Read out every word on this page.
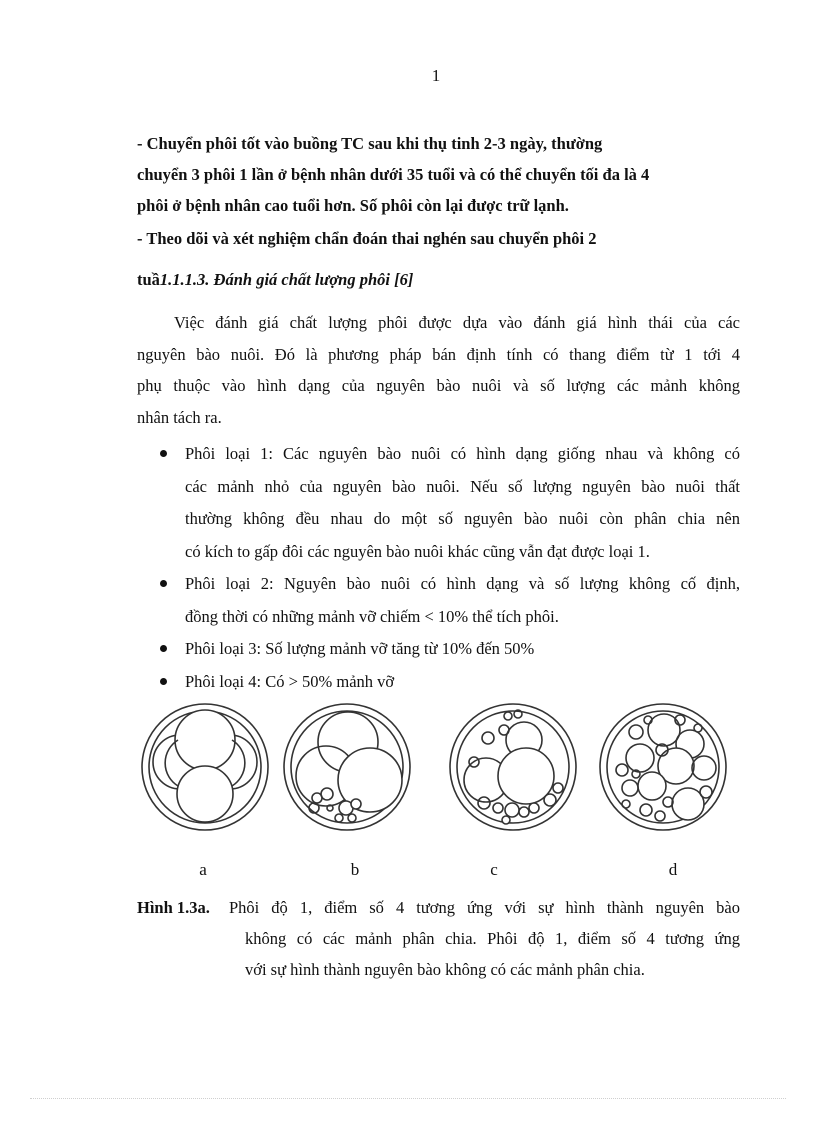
1
- Chuyển phôi tốt vào buồng TC sau khi thụ tinh 2-3 ngày, thường
chuyển 3 phôi 1 lần ở bệnh nhân dưới 35 tuổi và có thể chuyển tối đa là 4
phôi ở bệnh nhân cao tuổi hơn. Số phôi còn lại được trữ lạnh.
- Theo dõi và xét nghiệm chẩn đoán thai nghén sau chuyển phôi 2
tuầ1.1.1.3. Đánh giá chất lượng phôi [6]
Việc đánh giá chất lượng phôi được dựa vào đánh giá hình thái của các
nguyên bào nuôi. Đó là phương pháp bán định tính có thang điểm từ 1 tới 4
phụ thuộc vào hình dạng của nguyên bào nuôi và số lượng các mảnh không
nhân tách ra.
Phôi loại 1: Các nguyên bào nuôi có hình dạng giống nhau và không có
các mảnh nhỏ của nguyên bào nuôi. Nếu số lượng nguyên bào nuôi thất
thường không đều nhau do một số nguyên bào nuôi còn phân chia nên
có kích to gấp đôi các nguyên bào nuôi khác cũng vẫn đạt được loại 1.
Phôi loại 2: Nguyên bào nuôi có hình dạng và số lượng không cố định,
đồng thời có những mảnh vỡ chiếm < 10% thể tích phôi.
Phôi loại 3: Số lượng mảnh vỡ tăng từ 10% đến 50%
Phôi loại 4: Có > 50% mảnh vỡ
a	b	c	d
Hình 1.3a. Phôi độ 1, điểm số 4 tương ứng với sự hình thành nguyên bào
không có các mảnh phân chia. Phôi độ 1, điểm số 4 tương ứng
với sự hình thành nguyên bào không có các mảnh phân chia.
